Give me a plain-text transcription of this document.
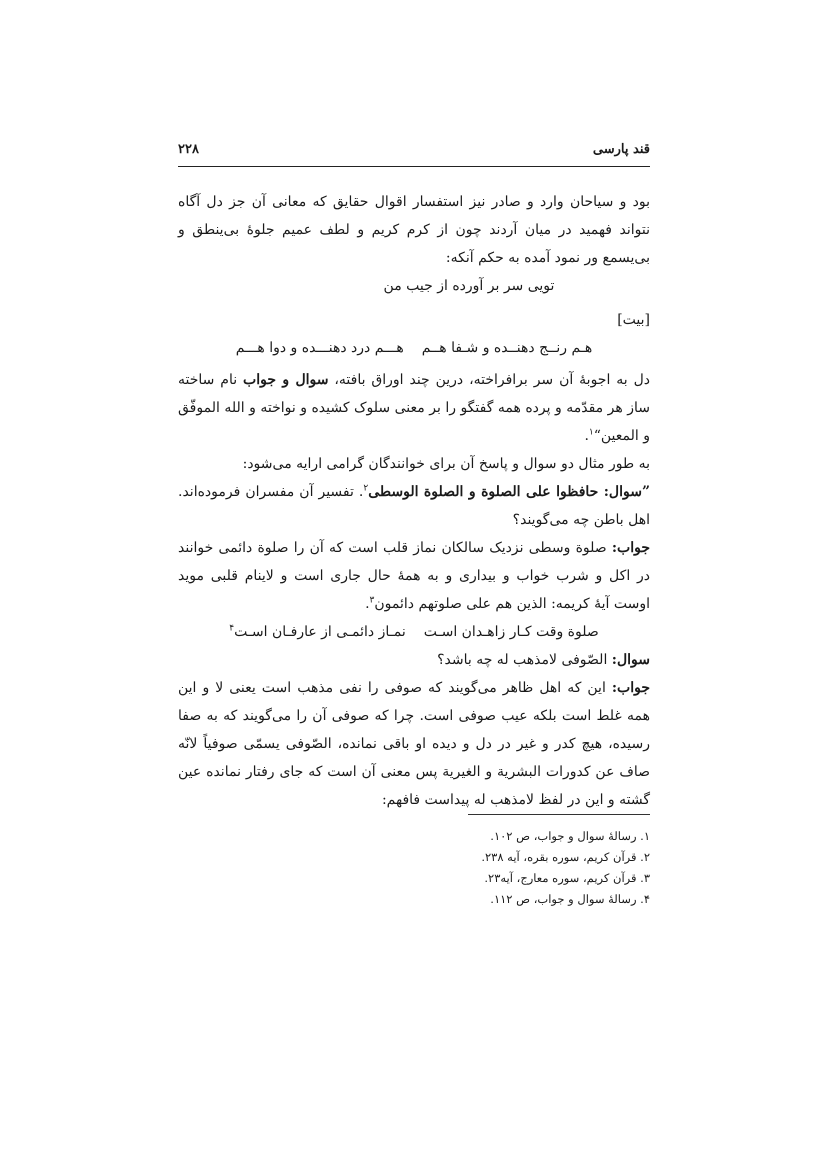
قند پارسی
۲۲۸

بود و سیاحان وارد و صادر نیز استفسار اقوال حقایق که معانی آن جز دل آگاه نتواند فهمید در میان آردند چون از کرم کریم و لطف عمیم جلوهٔ بی‌ینطق و بی‌یسمع ور نمود آمده به حکم آنکه:

تویی سر بر آورده از جیب من

[بیت]

هـم رنــج دهنــده و شـفا هــمهـــم درد دهنـــده و دوا هـــم

دل به اجوبهٔ آن سر برافراخته، درین چند اوراق بافته، سوال و جواب نام ساخته ساز هر مقدّمه و پرده همه گفتگو را بر معنی سلوک کشیده و نواخته و الله الموفّق و المعین“$^۱$.

به طور مثال دو سوال و پاسخ آن برای خوانندگان گرامی ارایه می‌شود:

”سوال: حافظوا علی الصلوة و الصلوة الوسطی$^۲$. تفسیر آن مفسران فرموده‌اند. اهل باطن چه می‌گویند؟

جواب: صلوة وسطی نزدیک سالکان نماز قلب است که آن را صلوة دائمی خوانند در اکل و شرب خواب و بیداری و به همهٔ حال جاری است و لاینام قلبی موید اوست آیهٔ کریمه: الذین هم علی صلوتهم دائمون$^۳$.

صلوة وقت کـار زاهـدان اسـتنمـاز دائمـی از عارفـان اسـت$^۴$

سوال: الصّوفی لامذهب له چه باشد؟

جواب: این که اهل ظاهر می‌گویند که صوفی را نفی مذهب است یعنی لا و این همه غلط است بلکه عیب صوفی است. چرا که صوفی آن را می‌گویند که به صفا رسیده، هیچ کدر و غیر در دل و دیده او باقی نمانده، الصّوفی یسمّی صوفیاً لانّه صاف عن کدورات البشریة و الغیریة پس معنی آن است که جای رفتار نمانده عین گشته و این در لفظ لامذهب له پیداست فافهم:

۱. رسالهٔ سوال و جواب، ص ۱۰۲.

۲. قرآن کریم، سوره بقره، آیه ۲۳۸.

۳. قرآن کریم، سوره معارج، آیه۲۳.

۴. رسالهٔ سوال و جواب، ص ۱۱۲.
